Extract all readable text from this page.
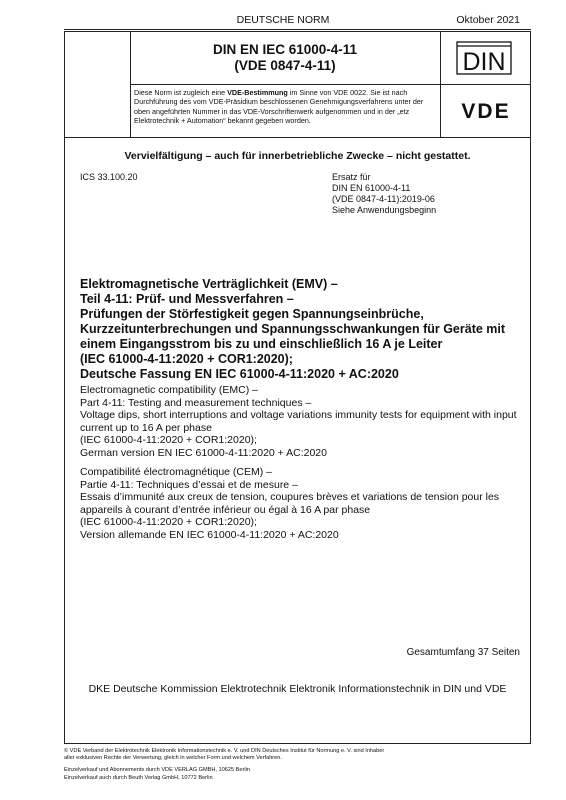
DEUTSCHE NORM	Oktober 2021
DIN EN IEC 61000-4-11
(VDE 0847-4-11)	DIN
Diese Norm ist zugleich eine VDE-Bestimmung im Sinne von VDE 0022. Sie ist nach Durchführung des vom VDE-Präsidium beschlossenen Genehmigungsverfahrens unter der oben angeführten Nummer in das VDE-Vorschriftenwerk aufgenommen und in der „etz Elektrotechnik + Automation“ bekannt gegeben worden.	VDE
Vervielfältigung – auch für innerbetriebliche Zwecke – nicht gestattet.
ICS 33.100.20	Ersatz für
DIN EN 61000-4-11
(VDE 0847-4-11):2019-06
Siehe Anwendungsbeginn
Elektromagnetische Verträglichkeit (EMV) –
Teil 4-11: Prüf- und Messverfahren –
Prüfungen der Störfestigkeit gegen Spannungseinbrüche,
Kurzzeitunterbrechungen und Spannungsschwankungen für Geräte mit
einem Eingangsstrom bis zu und einschließlich 16 A je Leiter
(IEC 61000-4-11:2020 + COR1:2020);
Deutsche Fassung EN IEC 61000-4-11:2020 + AC:2020
Electromagnetic compatibility (EMC) –
Part 4-11: Testing and measurement techniques –
Voltage dips, short interruptions and voltage variations immunity tests for equipment with input
current up to 16 A per phase
(IEC 61000-4-11:2020 + COR1:2020);
German version EN IEC 61000-4-11:2020 + AC:2020
Compatibilité électromagnétique (CEM) –
Partie 4-11: Techniques d’essai et de mesure –
Essais d’immunité aux creux de tension, coupures brèves et variations de tension pour les
appareils à courant d’entrée inférieur ou égal à 16 A par phase
(IEC 61000-4-11:2020 + COR1:2020);
Version allemande EN IEC 61000-4-11:2020 + AC:2020
Gesamtumfang 37 Seiten
DKE Deutsche Kommission Elektrotechnik Elektronik Informationstechnik in DIN und VDE
© VDE Verband der Elektrotechnik Elektronik Informationstechnik e. V. und DIN Deutsches Institut für Normung e. V. sind Inhaber
aller exklusiven Rechte der Verwertung, gleich in welcher Form und welchem Verfahren.
Einzelverkauf und Abonnements durch VDE VERLAG GMBH, 10625 Berlin
Einzelverkauf auch durch Beuth Verlag GmbH, 10772 Berlin
